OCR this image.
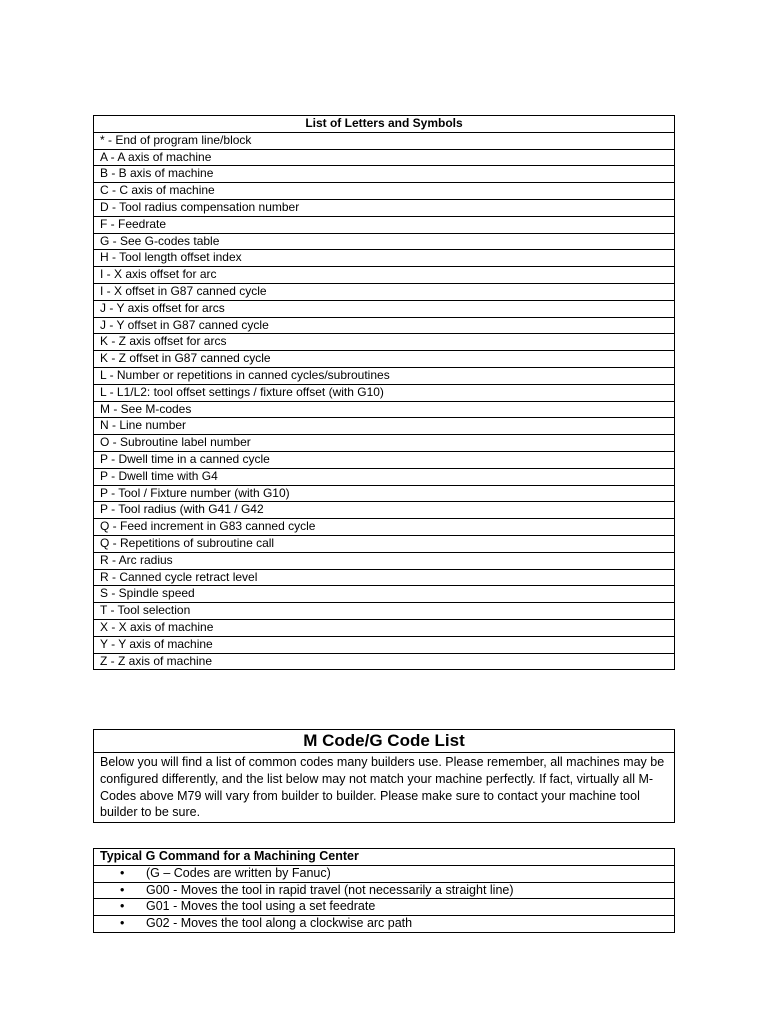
List of Letters and Symbols
* - End of program line/block
A - A axis of machine
B - B axis of machine
C - C axis of machine
D - Tool radius compensation number
F - Feedrate
G - See G-codes table
H - Tool length offset index
I - X axis offset for arc
I - X offset in G87 canned cycle
J - Y axis offset for arcs
J - Y offset in G87 canned cycle
K - Z axis offset for arcs
K - Z offset in G87 canned cycle
L - Number or repetitions in canned cycles/subroutines
L - L1/L2: tool offset settings / fixture offset (with G10)
M - See M-codes
N - Line number
O - Subroutine label number
P - Dwell time in a canned cycle
P - Dwell time with G4
P - Tool / Fixture number (with G10)
P - Tool radius (with G41 / G42
Q - Feed increment in G83 canned cycle
Q - Repetitions of subroutine call
R - Arc radius
R - Canned cycle retract level
S - Spindle speed
T - Tool selection
X - X axis of machine
Y - Y axis of machine
Z - Z axis of machine
M Code/G Code List
Below you will find a list of common codes many builders use. Please remember, all machines may be configured differently, and the list below may not match your machine perfectly. If fact, virtually all M-Codes above M79 will vary from builder to builder. Please make sure to contact your machine tool builder to be sure.
Typical G Command for a Machining Center
• (G – Codes are written by Fanuc)
• G00 - Moves the tool in rapid travel (not necessarily a straight line)
• G01 - Moves the tool using a set feedrate
• G02 - Moves the tool along a clockwise arc path
